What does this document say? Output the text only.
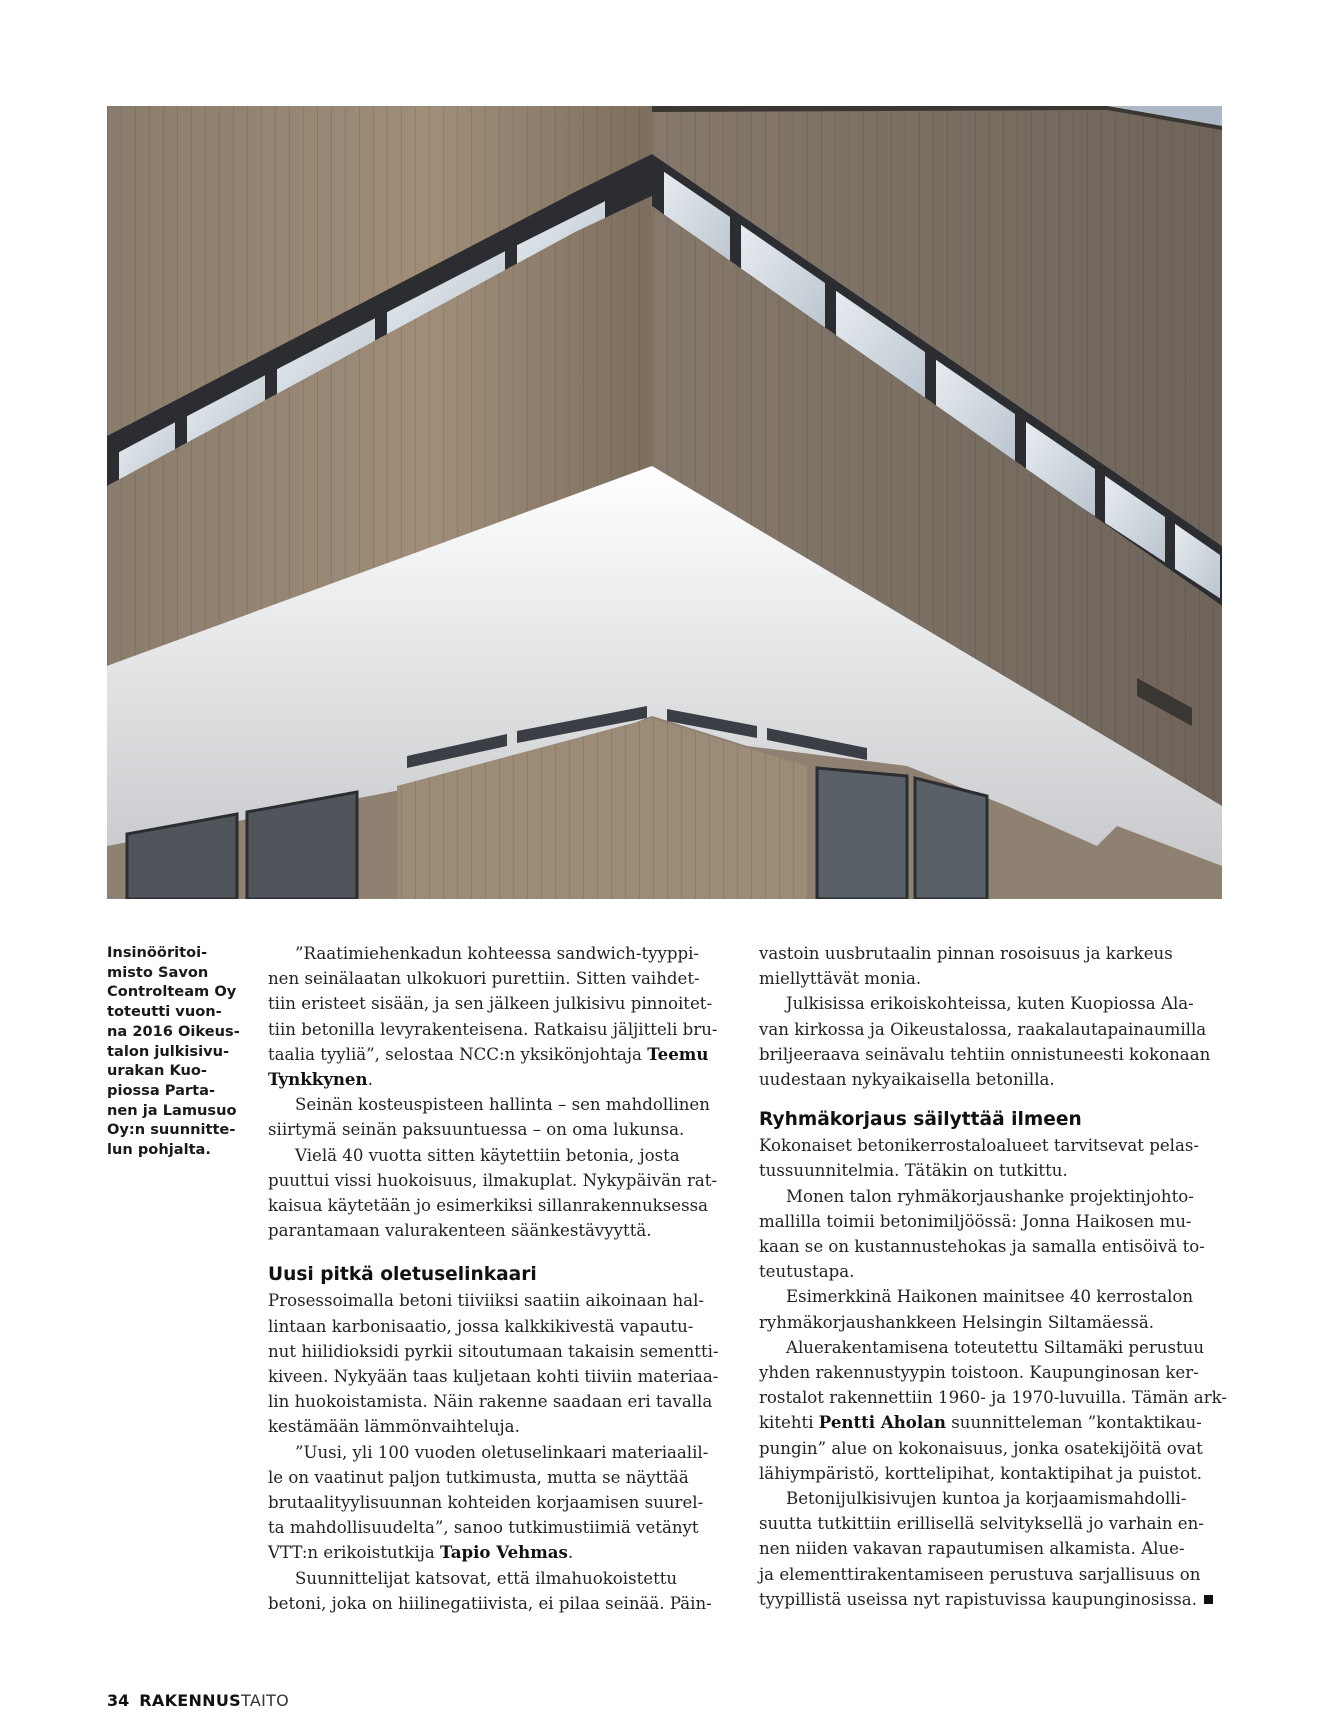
Insinööritoi-
misto Savon
Controlteam Oy
toteutti vuon-
na 2016 Oikeus-
talon julkisivu-
urakan Kuo-
piossa Parta-
nen ja Lamusuo
Oy:n suunnitte-
lun pohjalta.
”Raatimiehenkadun kohteessa sandwich-tyyppi-
nen seinälaatan ulkokuori purettiin. Sitten vaihdet-
tiin eristeet sisään, ja sen jälkeen julkisivu pinnoitet-
tiin betonilla levyrakenteisena. Ratkaisu jäljitteli bru-
taalia tyyliä”, selostaa NCC:n yksikönjohtaja Teemu
Tynkkynen.
Seinän kosteuspisteen hallinta – sen mahdollinen
siirtymä seinän paksuuntuessa – on oma lukunsa.
Vielä 40 vuotta sitten käytettiin betonia, josta
puuttui vissi huokoisuus, ilmakuplat. Nykypäivän rat-
kaisua käytetään jo esimerkiksi sillanrakennuksessa
parantamaan valurakenteen säänkestävyyttä.
Uusi pitkä oletuselinkaari
Prosessoimalla betoni tiiviiksi saatiin aikoinaan hal-
lintaan karbonisaatio, jossa kalkkikivestä vapautu-
nut hiilidioksidi pyrkii sitoutumaan takaisin sementti-
kiveen. Nykyään taas kuljetaan kohti tiiviin materiaa-
lin huokoistamista. Näin rakenne saadaan eri tavalla
kestämään lämmönvaihteluja.
”Uusi, yli 100 vuoden oletuselinkaari materiaalil-
le on vaatinut paljon tutkimusta, mutta se näyttää
brutaalityylisuunnan kohteiden korjaamisen suurel-
ta mahdollisuudelta”, sanoo tutkimustiimiä vetänyt
VTT:n erikoistutkija Tapio Vehmas.
Suunnittelijat katsovat, että ilmahuokoistettu
betoni, joka on hiilinegatiivista, ei pilaa seinää. Päin-
vastoin uusbrutaalin pinnan rosoisuus ja karkeus
miellyttävät monia.
Julkisissa erikoiskohteissa, kuten Kuopiossa Ala-
van kirkossa ja Oikeustalossa, raakalautapainaumilla
briljeeraava seinävalu tehtiin onnistuneesti kokonaan
uudestaan nykyaikaisella betonilla.
Ryhmäkorjaus säilyttää ilmeen
Kokonaiset betonikerrostaloalueet tarvitsevat pelas-
tussuunnitelmia. Tätäkin on tutkittu.
Monen talon ryhmäkorjaushanke projektinjohto-
mallilla toimii betonimiljöössä: Jonna Haikosen mu-
kaan se on kustannustehokas ja samalla entisöivä to-
teutustapa.
Esimerkkinä Haikonen mainitsee 40 kerrostalon
ryhmäkorjaushankkeen Helsingin Siltamäessä.
Aluerakentamisena toteutettu Siltamäki perustuu
yhden rakennustyypin toistoon. Kaupunginosan ker-
rostalot rakennettiin 1960- ja 1970-luvuilla. Tämän ark-
kitehti Pentti Aholan suunnitteleman ”kontaktikau-
pungin” alue on kokonaisuus, jonka osatekijöitä ovat
lähiympäristö, korttelipihat, kontaktipihat ja puistot.
Betonijulkisivujen kuntoa ja korjaamismahdolli-
suutta tutkittiin erillisellä selvityksellä jo varhain en-
nen niiden vakavan rapautumisen alkamista. Alue-
ja elementtirakentamiseen perustuva sarjallisuus on
tyypillistä useissa nyt rapistuvissa kaupunginosissa.
34 RAKENNUSTAITO
